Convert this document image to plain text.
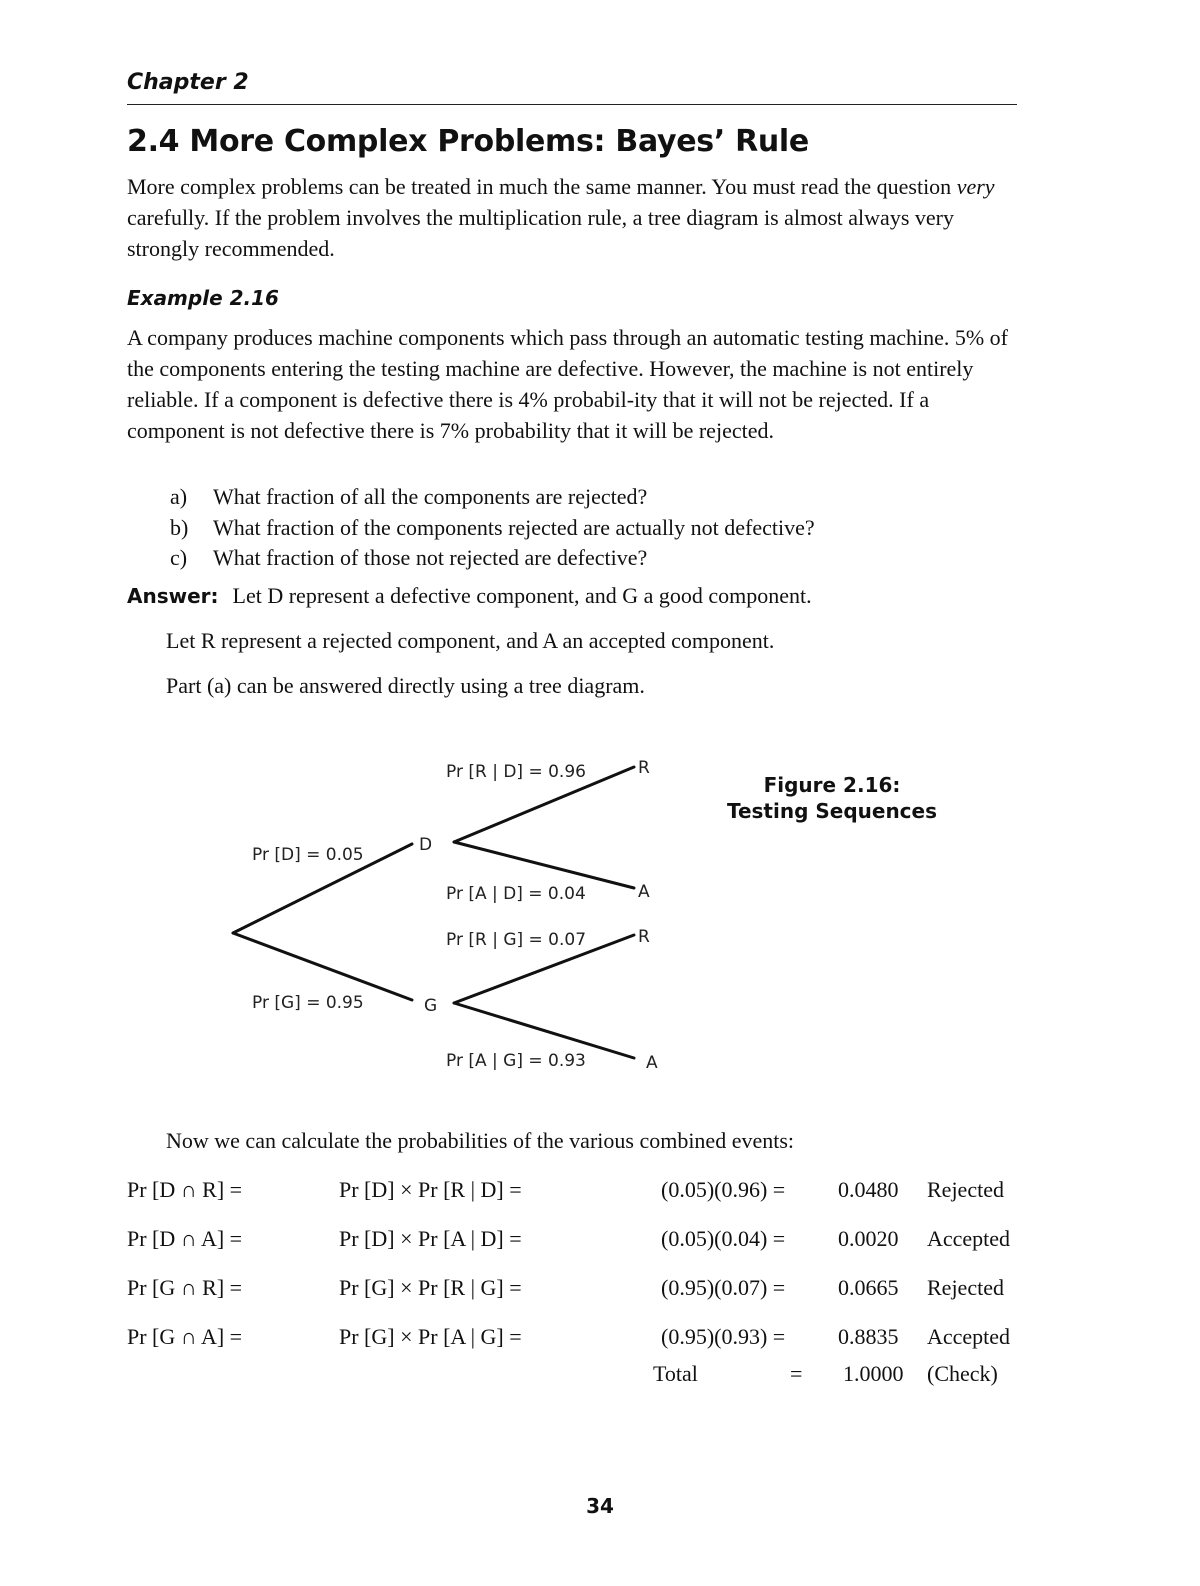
Chapter 2
2.4 More Complex Problems: Bayes’ Rule
More complex problems can be treated in much the same manner. You must read the question very carefully. If the problem involves the multiplication rule, a tree diagram is almost always very strongly recommended.
Example 2.16
A company produces machine components which pass through an automatic testing machine. 5% of the components entering the testing machine are defective. However, the machine is not entirely reliable. If a component is defective there is 4% probabil-ity that it will not be rejected. If a component is not defective there is 7% probability that it will be rejected.
a) What fraction of all the components are rejected?
b) What fraction of the components rejected are actually not defective?
c) What fraction of those not rejected are defective?
Answer: Let D represent a defective component, and G a good component.
Let R represent a rejected component, and A an accepted component.
Part (a) can be answered directly using a tree diagram.
Pr [D] = 0.05
Pr [G] = 0.95
Pr [R | D] = 0.96
Pr [A | D] = 0.04
Pr [R | G] = 0.07
Pr [A | G] = 0.93
D
G
R
A
R
A
Figure 2.16:
Testing Sequences
Now we can calculate the probabilities of the various combined events:
Pr [D ∩ R] =	Pr [D] × Pr [R | D] =	(0.05)(0.96) = 0.0480 Rejected
Pr [D ∩ A] =	Pr [D] × Pr [A | D] =	(0.05)(0.04) = 0.0020 Accepted
Pr [G ∩ R] =	Pr [G] × Pr [R | G] =	(0.95)(0.07) = 0.0665 Rejected
Pr [G ∩ A] =	Pr [G] × Pr [A | G] =	(0.95)(0.93) = 0.8835 Accepted
Total	= 1.0000 (Check)
34
